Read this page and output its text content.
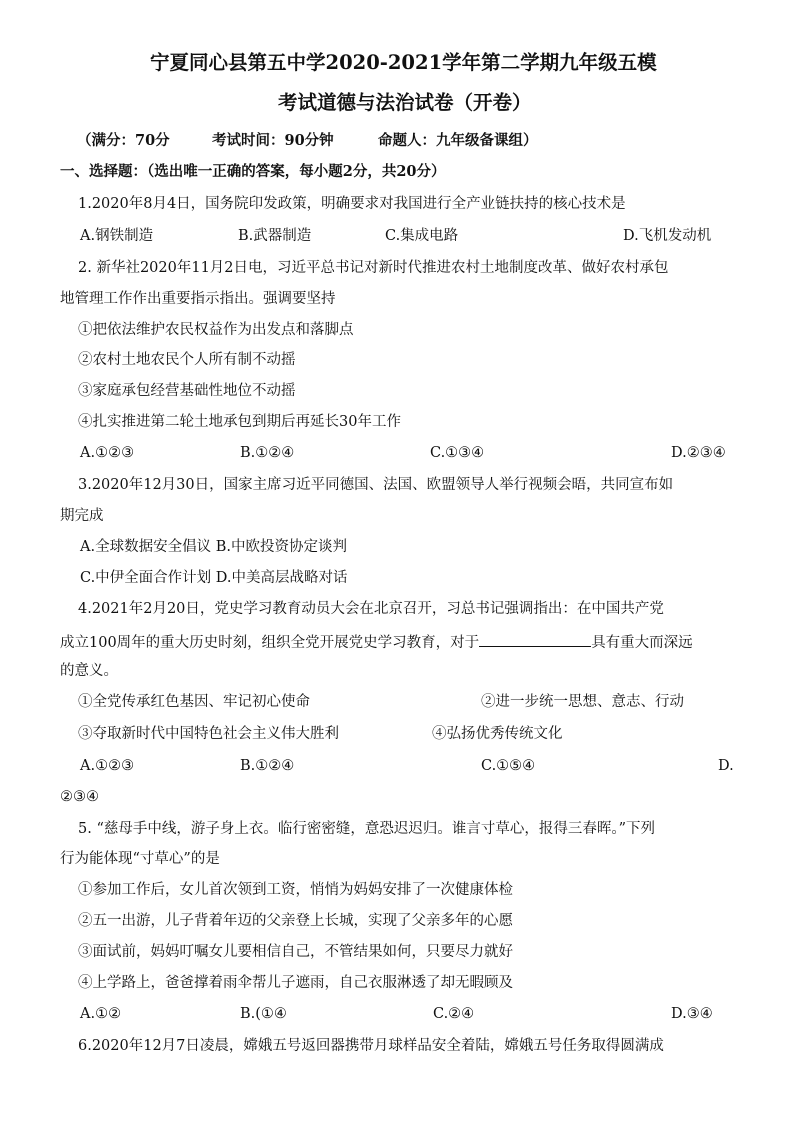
宁夏同心县第五中学2020-2021学年第二学期九年级五模
考试道德与法治试卷（开卷）
（满分：70分	考试时间：90分钟	命题人：九年级备课组）
一、选择题：（选出唯一正确的答案，每小题2分，共20分）
1.2020年8月4日，国务院印发政策，明确要求对我国进行全产业链扶持的核心技术是
A.钢铁制造	B.武器制造	C.集成电路	D.飞机发动机
2. 新华社2020年11月2日电，习近平总书记对新时代推进农村土地制度改革、做好农村承包
地管理工作作出重要指示指出。强调要坚持
①把依法维护农民权益作为出发点和落脚点
②农村土地农民个人所有制不动摇
③家庭承包经营基础性地位不动摇
④扎实推进第二轮土地承包到期后再延长30年工作
A.①②③	B.①②④	C.①③④	D.②③④
3.2020年12月30日，国家主席习近平同德国、法国、欧盟领导人举行视频会晤，共同宣布如
期完成
A.全球数据安全倡议 B.中欧投资协定谈判
C.中伊全面合作计划 D.中美高层战略对话
4.2021年2月20日，党史学习教育动员大会在北京召开，习总书记强调指出：在中国共产党
成立100周年的重大历史时刻，组织全党开展党史学习教育，对于	具有重大而深远
的意义。
①全党传承红色基因、牢记初心使命	②进一步统一思想、意志、行动
③夺取新时代中国特色社会主义伟大胜利	④弘扬优秀传统文化
A.①②③	B.①②④	C.①⑤④	D.
②③④
5. “慈母手中线，游子身上衣。临行密密缝，意恐迟迟归。谁言寸草心，报得三春晖。”下列
行为能体现“寸草心”的是
①参加工作后，女儿首次领到工资，悄悄为妈妈安排了一次健康体检
②五一出游，儿子背着年迈的父亲登上长城，实现了父亲多年的心愿
③面试前，妈妈叮嘱女儿要相信自己，不管结果如何，只要尽力就好
④上学路上，爸爸撑着雨伞帮儿子遮雨，自己衣服淋透了却无暇顾及
A.①②	B.(①④	C.②④	D.③④
6.2020年12月7日凌晨，嫦娥五号返回器携带月球样品安全着陆，嫦娥五号任务取得圆满成
